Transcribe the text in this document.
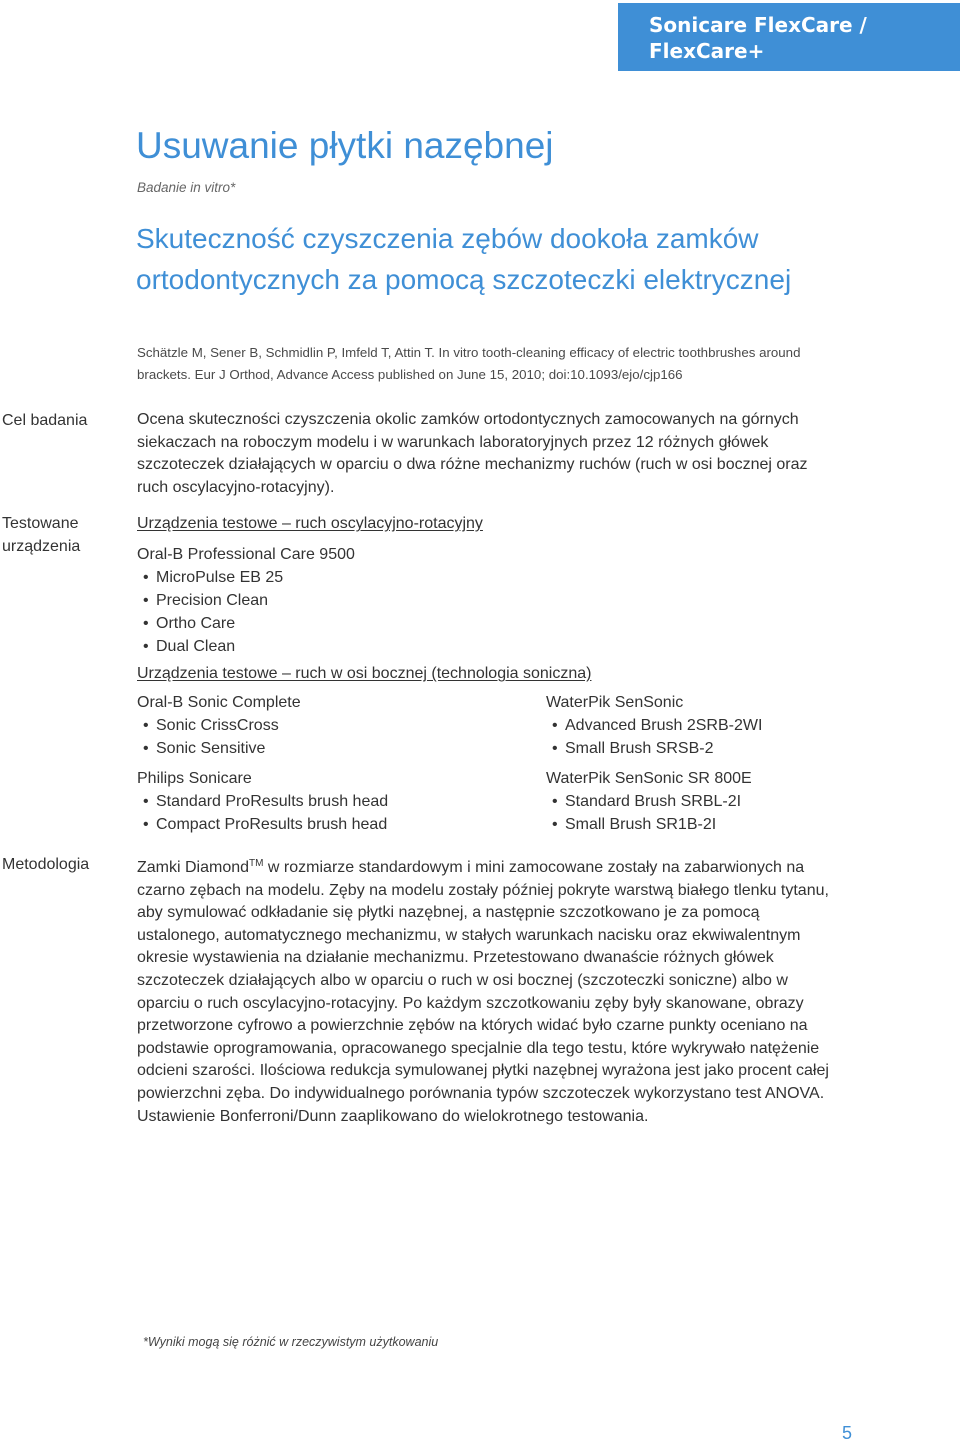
Sonicare FlexCare /
FlexCare+
Usuwanie płytki nazębnej
Badanie in vitro*
Skuteczność czyszczenia zębów dookoła zamków ortodontycznych za pomocą szczoteczki elektrycznej
Schätzle M, Sener B, Schmidlin P, Imfeld T, Attin T. In vitro tooth-cleaning efficacy of electric toothbrushes around brackets. Eur J Orthod, Advance Access published on June 15, 2010; doi:10.1093/ejo/cjp166
Cel badania	Ocena skuteczności czyszczenia okolic zamków ortodontycznych zamocowanych na górnych siekaczach na roboczym modelu i w warunkach laboratoryjnych przez 12 różnych główek szczoteczek działających w oparciu o dwa różne mechanizmy ruchów (ruch w osi bocznej oraz ruch oscylacyjno-rotacyjny).
Testowane urządzenia
Urządzenia testowe – ruch oscylacyjno-rotacyjny
Oral-B Professional Care 9500
• MicroPulse EB 25
• Precision Clean
• Ortho Care
• Dual Clean
Urządzenia testowe – ruch w osi bocznej (technologia soniczna)
Oral-B Sonic Complete
• Sonic CrissCross
• Sonic Sensitive
WaterPik SenSonic
• Advanced Brush 2SRB-2WI
• Small Brush SRSB-2
Philips Sonicare
• Standard ProResults brush head
• Compact ProResults brush head
WaterPik SenSonic SR 800E
• Standard Brush SRBL-2I
• Small Brush SR1B-2I
Metodologia	Zamki Diamond™ w rozmiarze standardowym i mini zamocowane zostały na zabarwionych na czarno zębach na modelu. Zęby na modelu zostały później pokryte warstwą białego tlenku tytanu, aby symulować odkładanie się płytki nazębnej, a następnie szczotkowano je za pomocą ustalonego, automatycznego mechanizmu, w stałych warunkach nacisku oraz ekwiwalentnym okresie wystawienia na działanie mechanizmu. Przetestowano dwanaście różnych główek szczoteczek działających albo w oparciu o ruch w osi bocznej (szczoteczki soniczne) albo w oparciu o ruch oscylacyjno-rotacyjny. Po każdym szczotkowaniu zęby były skanowane, obrazy przetworzone cyfrowo a powierzchnie zębów na których widać było czarne punkty oceniano na podstawie oprogramowania, opracowanego specjalnie dla tego testu, które wykrywało natężenie odcieni szarości. Ilościowa redukcja symulowanej płytki nazębnej wyrażona jest jako procent całej powierzchni zęba. Do indywidualnego porównania typów szczoteczek wykorzystano test ANOVA. Ustawienie Bonferroni/Dunn zaaplikowano do wielokrotnego testowania.
*Wyniki mogą się różnić w rzeczywistym użytkowaniu
5
